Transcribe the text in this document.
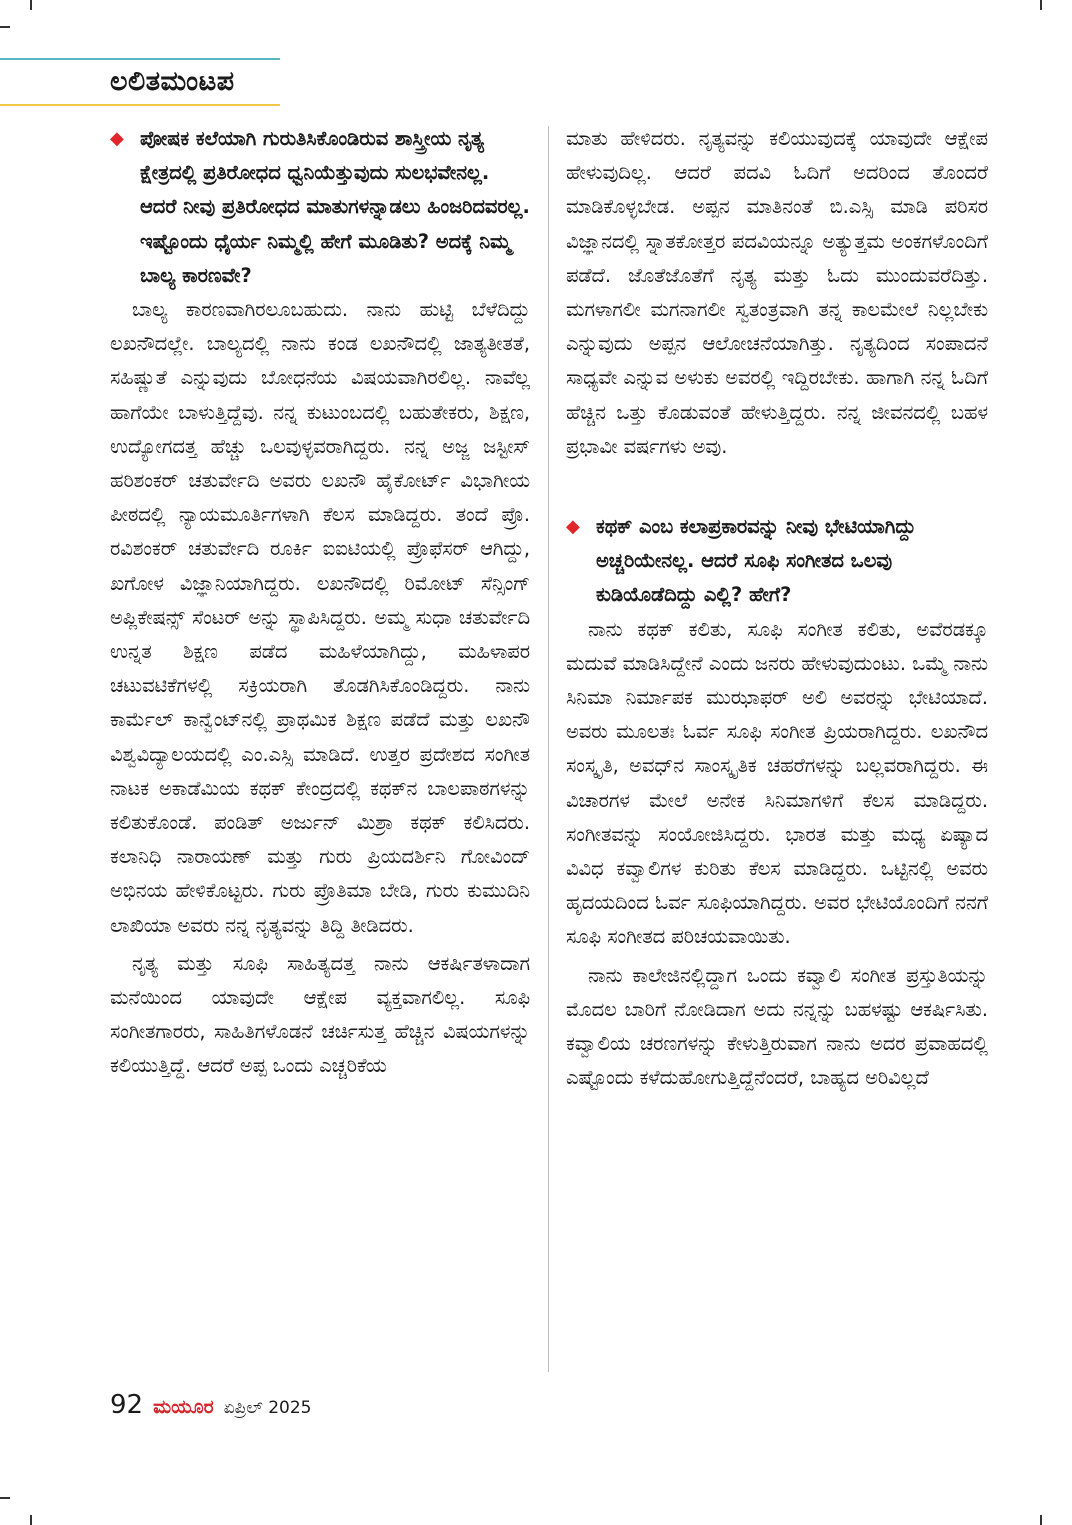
ಲಲಿತಮಂಟಪ
◆ ಪೋಷಕ ಕಲೆಯಾಗಿ ಗುರುತಿಸಿಕೊಂಡಿರುವ ಶಾಸ್ತ್ರೀಯ ನೃತ್ಯ ಕ್ಷೇತ್ರದಲ್ಲಿ ಪ್ರತಿರೋಧದ ಧ್ವನಿಯೆತ್ತುವುದು ಸುಲಭವೇನಲ್ಲ. ಆದರೆ ನೀವು ಪ್ರತಿರೋಧದ ಮಾತುಗಳನ್ನಾಡಲು ಹಿಂಜರಿದವರಲ್ಲ. ಇಷ್ಟೊಂದು ಧೈರ್ಯ ನಿಮ್ಮಲ್ಲಿ ಹೇಗೆ ಮೂಡಿತು? ಅದಕ್ಕೆ ನಿಮ್ಮ ಬಾಲ್ಯ ಕಾರಣವೇ?

ಬಾಲ್ಯ ಕಾರಣವಾಗಿರಲೂಬಹುದು. ನಾನು ಹುಟ್ಟಿ ಬೆಳೆದಿದ್ದು ಲಖನೌದಲ್ಲೇ. ಬಾಲ್ಯದಲ್ಲಿ ನಾನು ಕಂಡ ಲಖನೌದಲ್ಲಿ ಜಾತ್ಯತೀತತೆ, ಸಹಿಷ್ಣುತೆ ಎನ್ನುವುದು ಬೋಧನೆಯ ವಿಷಯವಾಗಿರಲಿಲ್ಲ. ನಾವೆಲ್ಲ ಹಾಗೆಯೇ ಬಾಳುತ್ತಿದ್ದೆವು. ನನ್ನ ಕುಟುಂಬದಲ್ಲಿ ಬಹುತೇಕರು, ಶಿಕ್ಷಣ, ಉದ್ಯೋಗದತ್ತ ಹೆಚ್ಚು ಒಲವುಳ್ಳವರಾಗಿದ್ದರು. ನನ್ನ ಅಜ್ಜ ಜಸ್ಟೀಸ್ ಹರಿಶಂಕರ್ ಚತುರ್ವೇದಿ ಅವರು ಲಖನೌ ಹೈಕೋರ್ಟ್ ವಿಭಾಗೀಯ ಪೀಠದಲ್ಲಿ ನ್ಯಾಯಮೂರ್ತಿಗಳಾಗಿ ಕೆಲಸ ಮಾಡಿದ್ದರು. ತಂದೆ ಪ್ರೊ. ರವಿಶಂಕರ್ ಚತುರ್ವೇದಿ ರೂರ್ಕಿ ಐಐಟಿಯಲ್ಲಿ ಪ್ರೊಫೆಸರ್ ಆಗಿದ್ದು, ಖಗೋಳ ವಿಜ್ಞಾನಿಯಾಗಿದ್ದರು. ಲಖನೌದಲ್ಲಿ ರಿಮೋಟ್ ಸೆನ್ಸಿಂಗ್ ಅಪ್ಲಿಕೇಷನ್ಸ್ ಸೆಂಟರ್ ಅನ್ನು ಸ್ಥಾಪಿಸಿದ್ದರು. ಅಮ್ಮ ಸುಧಾ ಚತುರ್ವೇದಿ ಉನ್ನತ ಶಿಕ್ಷಣ ಪಡೆದ ಮಹಿಳೆಯಾಗಿದ್ದು, ಮಹಿಳಾಪರ ಚಟುವಟಿಕೆಗಳಲ್ಲಿ ಸಕ್ರಿಯರಾಗಿ ತೊಡಗಿಸಿಕೊಂಡಿದ್ದರು. ನಾನು ಕಾರ್ಮೆಲ್ ಕಾನ್ವೆಂಟ್‌ನಲ್ಲಿ ಪ್ರಾಥಮಿಕ ಶಿಕ್ಷಣ ಪಡೆದೆ ಮತ್ತು ಲಖನೌ ವಿಶ್ವವಿದ್ಯಾಲಯದಲ್ಲಿ ಎಂ.ಎಸ್ಸಿ ಮಾಡಿದೆ. ಉತ್ತರ ಪ್ರದೇಶದ ಸಂಗೀತ ನಾಟಕ ಅಕಾಡೆಮಿಯ ಕಥಕ್ ಕೇಂದ್ರದಲ್ಲಿ ಕಥಕ್‌ನ ಬಾಲಪಾಠಗಳನ್ನು ಕಲಿತುಕೊಂಡೆ. ಪಂಡಿತ್ ಅರ್ಜುನ್ ಮಿಶ್ರಾ ಕಥಕ್ ಕಲಿಸಿದರು. ಕಲಾನಿಧಿ ನಾರಾಯಣ್ ಮತ್ತು ಗುರು ಪ್ರಿಯದರ್ಶಿನಿ ಗೋವಿಂದ್ ಅಭಿನಯ ಹೇಳಿಕೊಟ್ಟರು. ಗುರು ಪ್ರೊತಿಮಾ ಬೇಡಿ, ಗುರು ಕುಮುದಿನಿ ಲಾಖಿಯಾ ಅವರು ನನ್ನ ನೃತ್ಯವನ್ನು ತಿದ್ದಿ ತೀಡಿದರು.

ನೃತ್ಯ ಮತ್ತು ಸೂಫಿ ಸಾಹಿತ್ಯದತ್ತ ನಾನು ಆಕರ್ಷಿತಳಾದಾಗ ಮನೆಯಿಂದ ಯಾವುದೇ ಆಕ್ಷೇಪ ವ್ಯಕ್ತವಾಗಲಿಲ್ಲ. ಸೂಫಿ ಸಂಗೀತಗಾರರು, ಸಾಹಿತಿಗಳೊಡನೆ ಚರ್ಚಿಸುತ್ತ ಹೆಚ್ಚಿನ ವಿಷಯಗಳನ್ನು ಕಲಿಯುತ್ತಿದ್ದೆ. ಆದರೆ ಅಪ್ಪ ಒಂದು ಎಚ್ಚರಿಕೆಯ

ಮಾತು ಹೇಳಿದರು. ನೃತ್ಯವನ್ನು ಕಲಿಯುವುದಕ್ಕೆ ಯಾವುದೇ ಆಕ್ಷೇಪ ಹೇಳುವುದಿಲ್ಲ. ಆದರೆ ಪದವಿ ಓದಿಗೆ ಅದರಿಂದ ತೊಂದರೆ ಮಾಡಿಕೊಳ್ಳಬೇಡ. ಅಪ್ಪನ ಮಾತಿನಂತೆ ಬಿ.ಎಸ್ಸಿ ಮಾಡಿ ಪರಿಸರ ವಿಜ್ಞಾನದಲ್ಲಿ ಸ್ನಾತಕೋತ್ತರ ಪದವಿಯನ್ನೂ ಅತ್ಯುತ್ತಮ ಅಂಕಗಳೊಂದಿಗೆ ಪಡೆದೆ. ಜೊತೆಜೊತೆಗೆ ನೃತ್ಯ ಮತ್ತು ಓದು ಮುಂದುವರೆದಿತ್ತು. ಮಗಳಾಗಲೀ ಮಗನಾಗಲೀ ಸ್ವತಂತ್ರವಾಗಿ ತನ್ನ ಕಾಲಮೇಲೆ ನಿಲ್ಲಬೇಕು ಎನ್ನುವುದು ಅಪ್ಪನ ಆಲೋಚನೆಯಾಗಿತ್ತು. ನೃತ್ಯದಿಂದ ಸಂಪಾದನೆ ಸಾಧ್ಯವೇ ಎನ್ನುವ ಅಳುಕು ಅವರಲ್ಲಿ ಇದ್ದಿರಬೇಕು. ಹಾಗಾಗಿ ನನ್ನ ಓದಿಗೆ ಹೆಚ್ಚಿನ ಒತ್ತು ಕೊಡುವಂತೆ ಹೇಳುತ್ತಿದ್ದರು. ನನ್ನ ಜೀವನದಲ್ಲಿ ಬಹಳ ಪ್ರಭಾವೀ ವರ್ಷಗಳು ಅವು.

◆ ಕಥಕ್ ಎಂಬ ಕಲಾಪ್ರಕಾರವನ್ನು ನೀವು ಭೇಟಿಯಾಗಿದ್ದು ಅಚ್ಚರಿಯೇನಲ್ಲ. ಆದರೆ ಸೂಫಿ ಸಂಗೀತದ ಒಲವು ಕುಡಿಯೊಡೆದಿದ್ದು ಎಲ್ಲಿ? ಹೇಗೆ?

ನಾನು ಕಥಕ್ ಕಲಿತು, ಸೂಫಿ ಸಂಗೀತ ಕಲಿತು, ಅವೆರಡಕ್ಕೂ ಮದುವೆ ಮಾಡಿಸಿದ್ದೇನೆ ಎಂದು ಜನರು ಹೇಳುವುದುಂಟು. ಒಮ್ಮೆ ನಾನು ಸಿನಿಮಾ ನಿರ್ಮಾಪಕ ಮುಝಾಫರ್ ಅಲಿ ಅವರನ್ನು ಭೇಟಿಯಾದೆ. ಅವರು ಮೂಲತಃ ಓರ್ವ ಸೂಫಿ ಸಂಗೀತ ಪ್ರಿಯರಾಗಿದ್ದರು. ಲಖನೌದ ಸಂಸ್ಕೃತಿ, ಅವಧ್‌ನ ಸಾಂಸ್ಕೃತಿಕ ಚಹರೆಗಳನ್ನು ಬಲ್ಲವರಾಗಿದ್ದರು. ಈ ವಿಚಾರಗಳ ಮೇಲೆ ಅನೇಕ ಸಿನಿಮಾಗಳಿಗೆ ಕೆಲಸ ಮಾಡಿದ್ದರು. ಸಂಗೀತವನ್ನು ಸಂಯೋಜಿಸಿದ್ದರು. ಭಾರತ ಮತ್ತು ಮಧ್ಯ ಏಷ್ಯಾದ ವಿವಿಧ ಕವ್ವಾಲಿಗಳ ಕುರಿತು ಕೆಲಸ ಮಾಡಿದ್ದರು. ಒಟ್ಟಿನಲ್ಲಿ ಅವರು ಹೃದಯದಿಂದ ಓರ್ವ ಸೂಫಿಯಾಗಿದ್ದರು. ಅವರ ಭೇಟಿಯೊಂದಿಗೆ ನನಗೆ ಸೂಫಿ ಸಂಗೀತದ ಪರಿಚಯವಾಯಿತು.

ನಾನು ಕಾಲೇಜಿನಲ್ಲಿದ್ದಾಗ ಒಂದು ಕವ್ವಾಲಿ ಸಂಗೀತ ಪ್ರಸ್ತುತಿಯನ್ನು ಮೊದಲ ಬಾರಿಗೆ ನೋಡಿದಾಗ ಅದು ನನ್ನನ್ನು ಬಹಳಷ್ಟು ಆಕರ್ಷಿಸಿತು. ಕವ್ವಾಲಿಯ ಚರಣಗಳನ್ನು ಕೇಳುತ್ತಿರುವಾಗ ನಾನು ಅದರ ಪ್ರವಾಹದಲ್ಲಿ ಎಷ್ಟೊಂದು ಕಳೆದುಹೋಗುತ್ತಿದ್ದೆನೆಂದರೆ, ಬಾಹ್ಯದ ಅರಿವಿಲ್ಲದೆ

92 ಮಯೂರ ಏಪ್ರಿಲ್ 2025
